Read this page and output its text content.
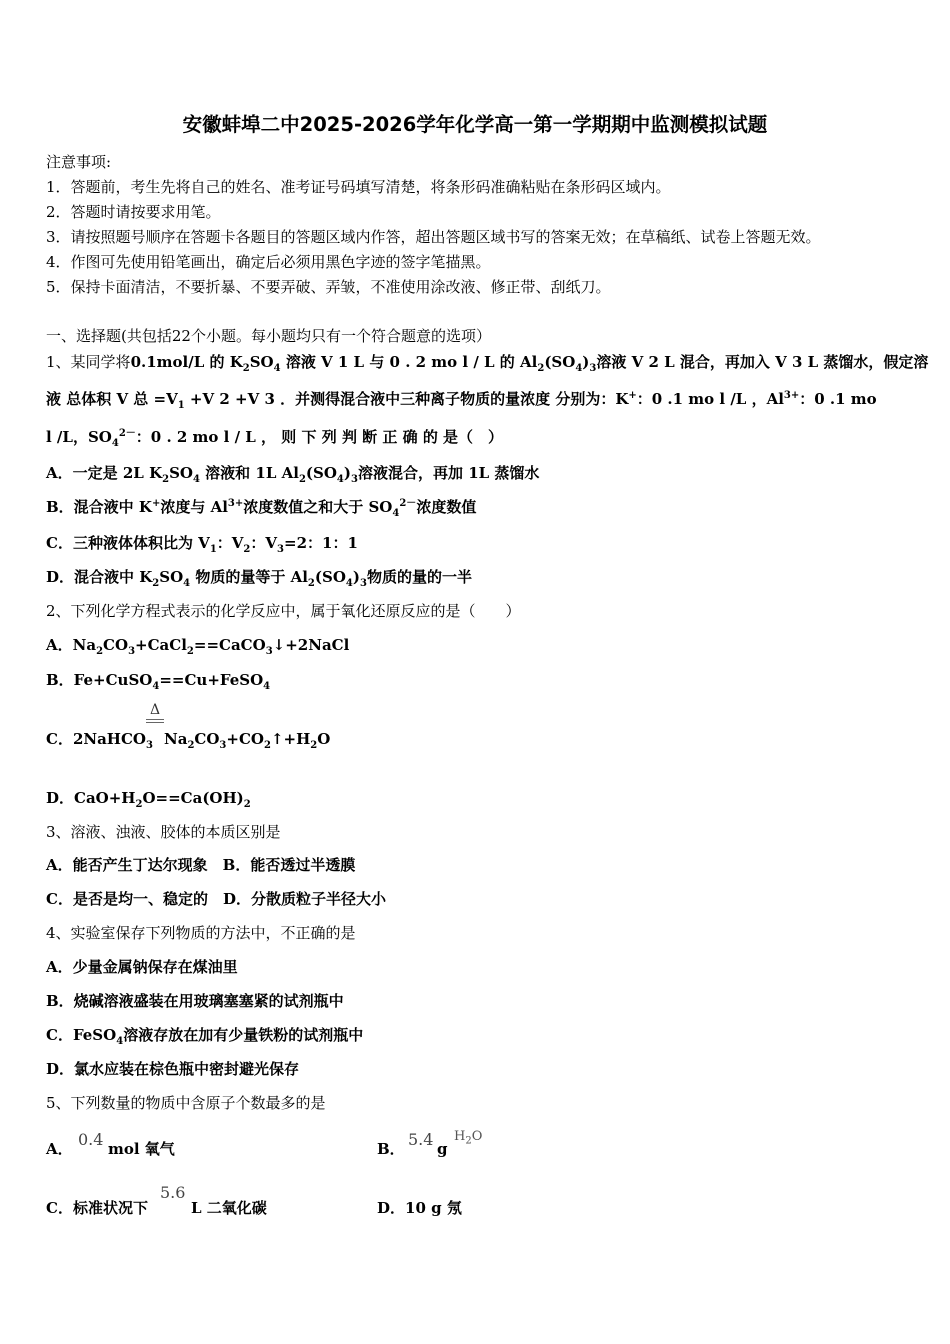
安徽蚌埠二中2025-2026学年化学高一第一学期期中监测模拟试题
注意事项:
1．答题前，考生先将自己的姓名、准考证号码填写清楚，将条形码准确粘贴在条形码区域内。
2．答题时请按要求用笔。
3．请按照题号顺序在答题卡各题目的答题区域内作答，超出答题区域书写的答案无效；在草稿纸、试卷上答题无效。
4．作图可先使用铅笔画出，确定后必须用黑色字迹的签字笔描黑。
5．保持卡面清洁，不要折暴、不要弄破、弄皱，不准使用涂改液、修正带、刮纸刀。
一、选择题(共包括22个小题。每小题均只有一个符合题意的选项）
1、某同学将0.1mol/L 的 $K_2SO_4$ 溶液 V 1 L 与 0 . 2 mo l / L 的 $Al_2(SO_4)_3$溶液 V 2 L 混合，再加入 V 3 L 蒸馏水，假定溶
液 总体积 V 总 $=V_1 +V$ 2 +V 3 ．并测得混合液中三种离子物质的量浓度 分别为：K+：0 .1 mo l /L ，$Al^{3+}$：0 .1 mo
l /L，$SO_4^{2-}$：0 . 2 mo l / L ， 则 下 列 判 断 正 确 的 是（　）
A．一定是 2L $K_2SO_4$ 溶液和 1L $Al_2(SO_4)_3$溶液混合，再加 1L 蒸馏水
B．混合液中 K+浓度与 $Al^{3+}$浓度数值之和大于 $SO_4^{2-}$浓度数值
C．三种液体体积比为 $V_1$：$V_2$：$V_3=2$：1：1
D．混合液中 $K_2SO_4$ 物质的量等于 $Al_2(SO_4)_3$物质的量的一半
2、下列化学方程式表示的化学反应中，属于氧化还原反应的是（　　）
A．$Na_2CO_3+CaCl_2==CaCO_3↓+2NaCl$
B．Fe+CuSO$_4$==Cu+FeSO$_4$
C．2NaHCO$_3$
Δ
$Na_2CO_3+CO_2↑+H_2O$
D．$CaO+H_2O==Ca(OH)_2$
3、溶液、浊液、胶体的本质区别是
A．能否产生丁达尔现象　B．能否透过半透膜
C．是否是均一、稳定的　D．分散质粒子半径大小
4、实验室保存下列物质的方法中，不正确的是
A．少量金属钠保存在煤油里
B．烧碱溶液盛装在用玻璃塞塞紧的试剂瓶中
C．FeSO$_4$溶液存放在加有少量铁粉的试剂瓶中
D．氯水应装在棕色瓶中密封避光保存
5、下列数量的物质中含原子个数最多的是
A． 0.4 mol 氧气	B． 5.4 g
$H_2O$
C．标准状况下
5.6
L 二氧化碳	D．10 g 氖
